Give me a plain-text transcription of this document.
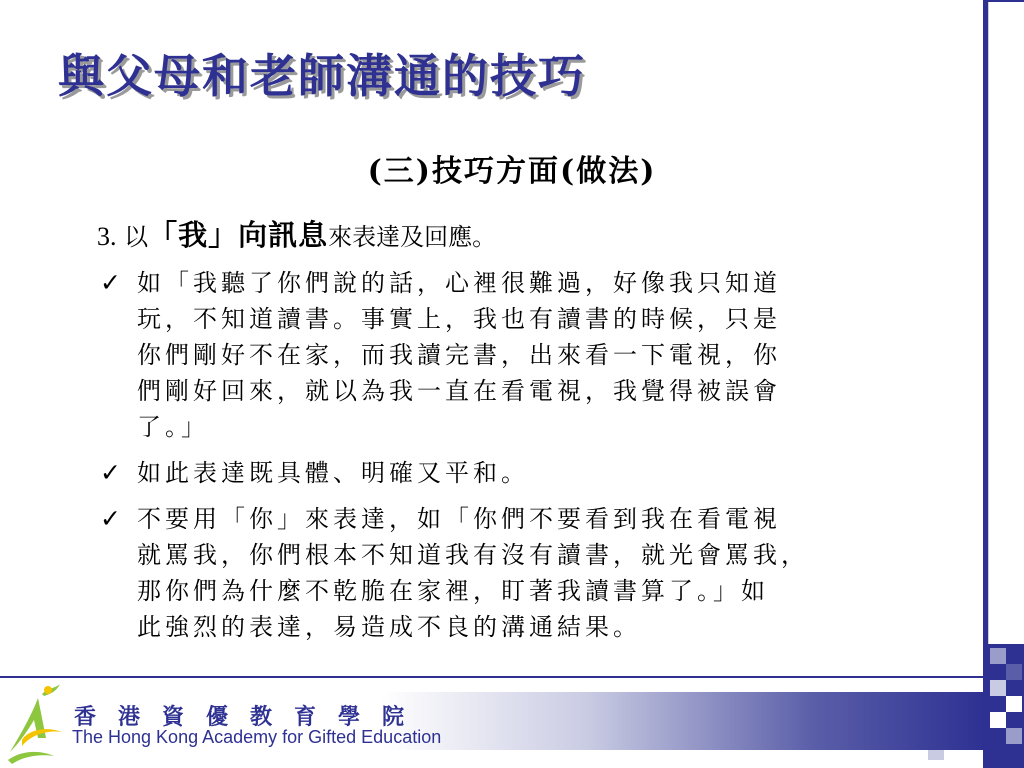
與父母和老師溝通的技巧
(三)技巧方面(做法)
3. 以「我」向訊息來表達及回應。
✓ 如「我聽了你們說的話，心裡很難過，好像我只知道
玩，不知道讀書。事實上，我也有讀書的時候，只是
你們剛好不在家，而我讀完書，出來看一下電視，你
們剛好回來，就以為我一直在看電視，我覺得被誤會
了。」
✓ 如此表達既具體、明確又平和。
✓ 不要用「你」來表達，如「你們不要看到我在看電視
就罵我，你們根本不知道我有沒有讀書，就光會罵我，
那你們為什麼不乾脆在家裡，盯著我讀書算了。」如
此強烈的表達，易造成不良的溝通結果。
香港資優教育學院
The Hong Kong Academy for Gifted Education
